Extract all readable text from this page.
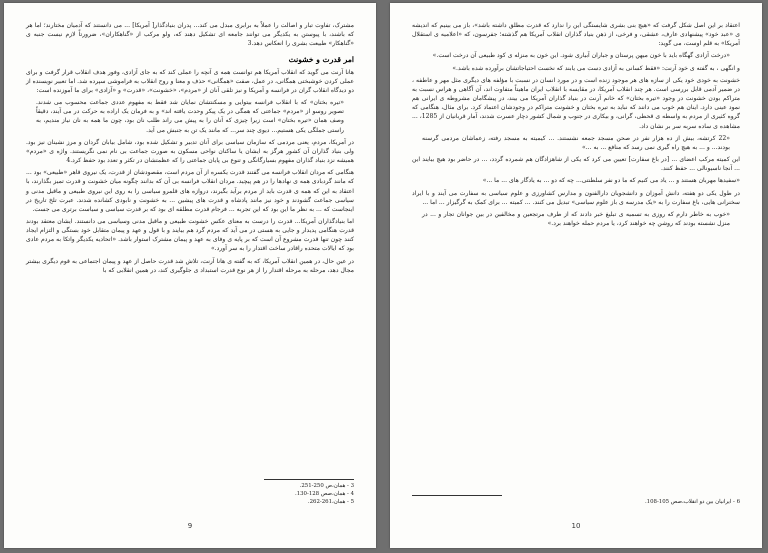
مشترک، تفاوت تبار و اصالت را عملاً به برابری مبدل می کند... پدران بنیادگذار[ آمریکا] ... می دانستند که آدمیان مختارند؛ اما هر که باشند، با پیوستن به یکدیگر می توانند جامعه ای تشکیل دهند که، ولو مرکب از «گناهکاران»، ضرورتاً لازم نیست جنبه ی «گناهکار» طبیعت بشری را انعکاس دهد.3

امر قدرت و خشونت

هانا آرنت می گوید که انقلاب آمریکا هم توانست همه ی آنچه را عملی کند که به جای آزادی، وفور هدف انقلاب قرار گرفت و برای عملی کردن خوشبختی همگانی، در عمل، صفت «همگانی» حذف و معنا و روح انقلاب به فراموشی سپرده شد. اما تعبیر نویسنده از دو دیدگاه انقلاب گران در فرانسه و آمریکا و نیز تلقی آنان از «مردم»، «خشونت»، «قدرت» و «آزادی» برای ما آموزنده است:

«تیره بختان» که با انقلاب فرانسه بیتوایی و مسکنتشان نمایان شد فقط به مفهوم عددی جماعت محسوب می شدند. تصویر روسو از «مردم» جماعتی که همگی در یک پیکر وحدت یافته اند» و به فرمان یک اراده به حرکت در می آیند، دقیقاً وصف همان «تیره بختان» است زیرا چیزی که آنان را به پیش می راند طلب نان بود، چون ما همه به نان نیاز مندیم، به راستی جملگی یکی هستیم... دیوی چند سر... که مانند یک تن به جنبش می آید.

در آمریکا، مردم، یعنی مردمی که سازمان سیاسی برای آنان تدبیر و تشکیل شده بود، شامل بیابان گردان و مرز نشینان نیز بود. ولی بنیاد گذاران آن کشور هرگز به ایشان یا ساکنان نواحی مسکون به صورت جماعت بی نام نمی نگریستند. واژه ی «مردم» همیشه نزد بنیاد گذاران مفهوم بسیارگانگی و تنوع بی پایان جماعتی را که عظمتشان در تکثر و تعدد بود حفظ کرد.4

هنگامی که مردان انقلاب فرانسه می گفتند قدرت یکسره از آن مردم است، مقصودشان از قدرت، یک نیروی قاهر «طبیعی» بود ... که مانند گردبادی همه ی نهادها را در هم پیچید. مردان انقلاب فرانسه بی آن که بدانند چگونه میان خشونت و قدرت تمیز بگذارند، با اعتقاد به این که همه ی قدرت باید از مردم برآید بگیرند، دروازه های قلمرو سیاسی را به روی این نیروی طبیعی و ماقبل مدنی و سیاسی جماعت گشودند و خود نیز مانند پادشاه و قدرت های پیشین ... به خشونت و نابودی کشانده شدند. عبرت تلخ تاریخ در اینجاست که ... به نظر ما این بود که این تجربه ... فرجام قدرت مطلقه ای بود که بر قدرت سیاسی و سیاست برتری می جست.

اما بنیادگذاران آمریکا... قدرت را درست به معنای عکس خشونت طبیعی و ماقبل مدنی وسیاسی می دانستند. ایشان معتقد بودند قدرت هنگامی پدیدار و جایی به هستی در می آید که مردم گرد هم بیایند و با قول و عهد و پیمان متقابل خود بستگی و التزام ایجاد کنند چون تنها قدرت مشروع آن است که بر پایه ی وفای به عهد و پیمان مشترک استوار باشد. «اتحادیه یکدیگر واتکا به مردم عادی بود که ایالات متحده راقادر ساخت اقتدار را به سر آورد.»

در عین حال، در همین انقلاب آمریکا، که به گفته ی هانا آرنت، تلاش شد قدرت حاصل از عهد و پیمان اجتماعی به قوم دیگری بیشتر مجال دهد، مرحله به مرحله اقتدار را از هر نوع قدرت استبداد ی جلوگیری کند، در همین انقلابی که با

3 - همان،ص 250-251.
4 - همان،صص 128-130.
5 - همان،261-262.
9

اعتقاد بر این اصل شکل گرفت که «هیچ بنی بشری شایستگی این را ندارد که قدرت مطلق داشته باشد»، باز می بینیم که اندیشه ی «عبد خود» پیشنهادی عارف، عشقی، و فرخی، از ذهن بنیاد گذاران انقلاب آمریکا هم گذشته؛ جفرسون، که «اعلامیه ی استقلال آمریکا» به قلم اوست، می گوید:

«درخت آزادی گهگاه باید با خون میهن پرستان و جباران آبیاری شود. این خون به منزله ی کود طبیعی آن درخت است.»

و انگهی ، به گفته ی خود آرنت: «فقط کسانی به آزادی دست می یابند که نخست احتیاجاتشان برآورده شده باشد.»

خشونت به خودی خود یکی از سازه های هر موجود زنده است و در مورد انسان در نسبت با مؤلفه های دیگری مثل مهر و عاطفه ، در ضمیر آدمی قابل بررسی است. هر چند انقلاب آمریکا، در مقایسه با انقلاب ایران ماهیتاً متفاوت اند، آن آگاهی و هراس نسبت به متراکم بودن خشونت در وجود «تیره بختان» که خانم آرنت در بنیاد گذاران آمریکا می بیند، در پیشگامان مشروطه ی ایرانی هم نمود عینی دارد. اینان هم خوب می دانند که نباید به تیره بختان و خشونت متراکم در وجودشان اعتماد کرد. برای مثال، هنگامی که گروه کثیری از مردم به واسطه ی قحطی، گرانی، و بیکاری در جنوب و شمال کشور دچار عسرت شدند، آمار قربانیان از 1285، ... مشاهده ی ساده سربه سر بر نشان داد.

«22 کرتشه، بیش از ده هزار نفر در صحن مسجد جمعه نشستند. ... کیمیته به مسجد رفته، زعماشان مردمی گرسنه بودند... و ... به هیچ راه گیری نمی رسد که منافع ... به ...»

این کمیته مرکب اعضای ... [در باغ سفارت] تعیین می کرد که یکی از شاهزادگان هم شمرده گردد، ... در حاضر بود هیچ بیایند این ... آنجا ناسیونالی ... حفظ کنند.

«سفیدها مهربان هستند و ... یاد می کنیم که ما دو نفر سلطنتی... چه که دو ... به یادگار های ... ما ...»

در طول یکی دو هفته، دانش آموزان و دانشجویان دارالفنون و مدارس کشاورزی و علوم سیاسی به سفارت می آیند و با ایراد سخنرانی هایی، باغ سفارت را به «یک مدرسه ی باز علوم سیاسی» تبدیل می کنند. ... کمیته ... برای کمک به گرگیزار ... اما ...

«خوب به خاطر دارم که روزی به تسمیه ی تبلیغ خبر دادند که از طرف مرتجعین و مخالفین در بین جوانان تجار و ... در منزل نشسته بودند که روشن چه خواهند کرد، یا مردم حمله خواهند برد.»
6 - ایرانیان بین دو انقلاب،صص 105-108.
10
